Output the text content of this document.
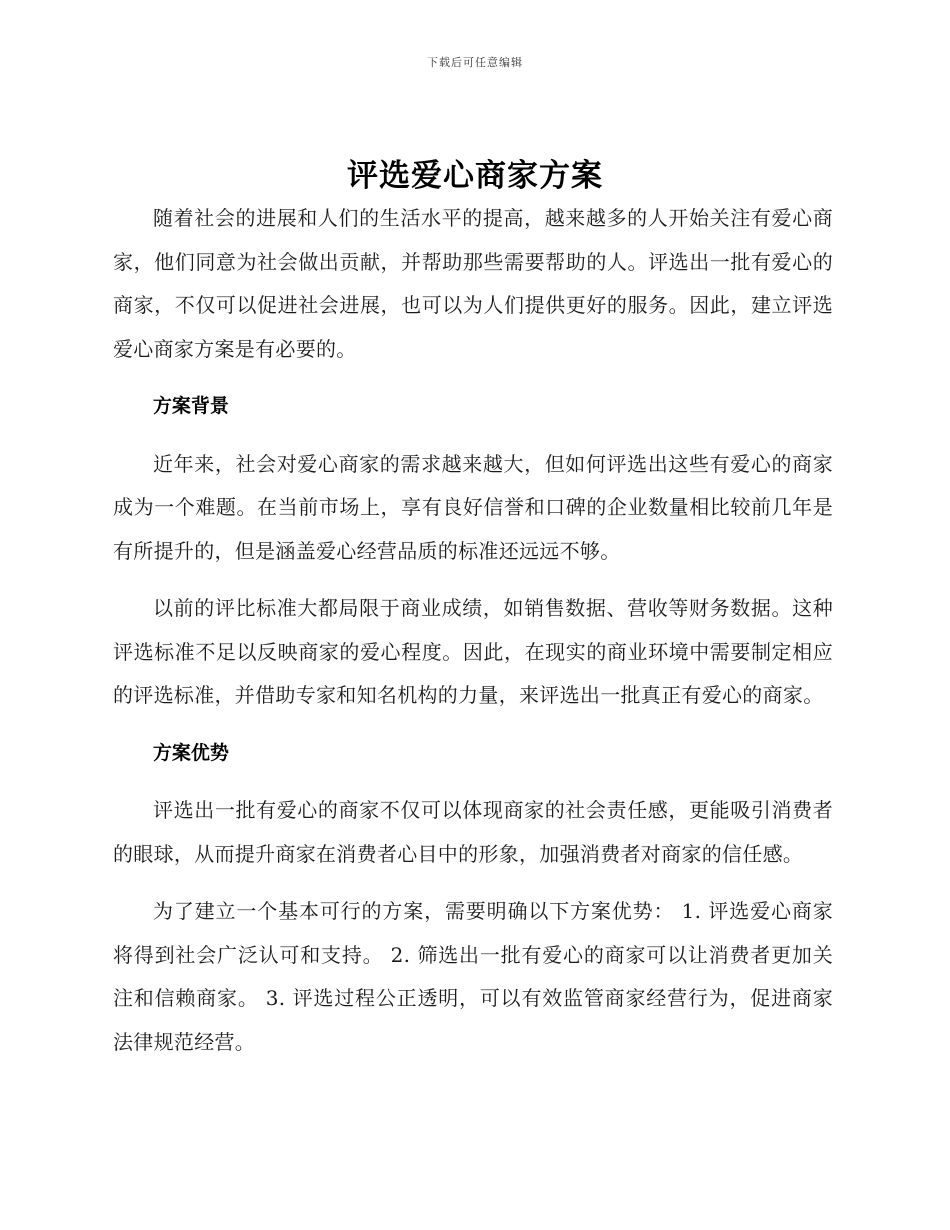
下载后可任意编辑
评选爱心商家方案

随着社会的进展和人们的生活水平的提高，越来越多的人开始关注有爱心商家，他们同意为社会做出贡献，并帮助那些需要帮助的人。评选出一批有爱心的商家，不仅可以促进社会进展，也可以为人们提供更好的服务。因此，建立评选爱心商家方案是有必要的。

方案背景

近年来，社会对爱心商家的需求越来越大，但如何评选出这些有爱心的商家成为一个难题。在当前市场上，享有良好信誉和口碑的企业数量相比较前几年是有所提升的，但是涵盖爱心经营品质的标准还远远不够。

以前的评比标准大都局限于商业成绩，如销售数据、营收等财务数据。这种评选标准不足以反映商家的爱心程度。因此，在现实的商业环境中需要制定相应的评选标准，并借助专家和知名机构的力量，来评选出一批真正有爱心的商家。

方案优势

评选出一批有爱心的商家不仅可以体现商家的社会责任感，更能吸引消费者的眼球，从而提升商家在消费者心目中的形象，加强消费者对商家的信任感。

为了建立一个基本可行的方案，需要明确以下方案优势： 1. 评选爱心商家将得到社会广泛认可和支持。 2. 筛选出一批有爱心的商家可以让消费者更加关注和信赖商家。 3. 评选过程公正透明，可以有效监管商家经营行为，促进商家法律规范经营。
